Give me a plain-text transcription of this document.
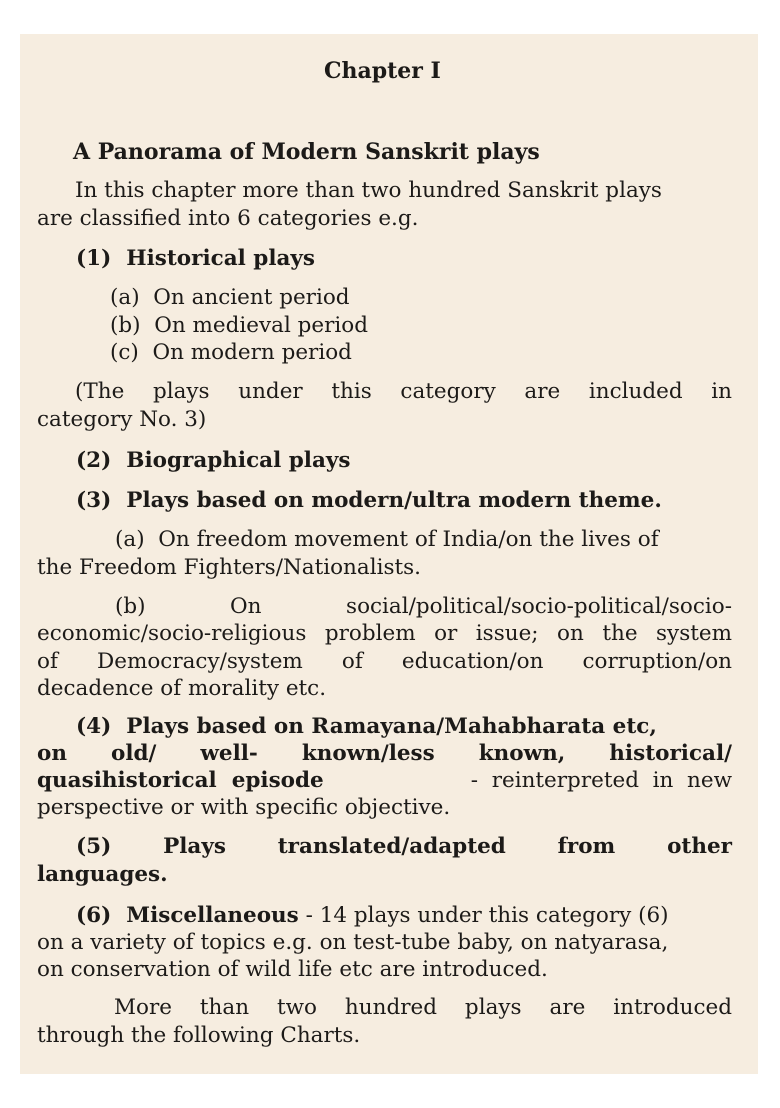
Chapter I
A Panorama of Modern Sanskrit plays
In this chapter more than two hundred Sanskrit plays
are classified into 6 categories e.g.
(1)  Historical plays
(a)  On ancient period
(b)  On medieval period
(c)  On modern period
(The plays under this category are included in
category No. 3)
(2)  Biographical plays
(3)  Plays based on modern/ultra modern theme.
(a)  On freedom movement of India/on the lives of
the Freedom Fighters/Nationalists.
(b) On social/political/socio-political/socio-
economic/socio-religious problem or issue; on the system
of Democracy/system of education/on corruption/on
decadence of morality etc.
(4)  Plays based on Ramayana/Mahabharata etc,
on old/ well- known/less known, historical/
quasihistorical  episode	-  reinterpreted  in  new
perspective or with specific objective.
(5) Plays translated/adapted from other
languages.
(6)  Miscellaneous - 14 plays under this category (6)
on a variety of topics e.g. on test-tube baby, on natyarasa,
on conservation of wild life etc are introduced.
More than two hundred plays are introduced
through the following Charts.
